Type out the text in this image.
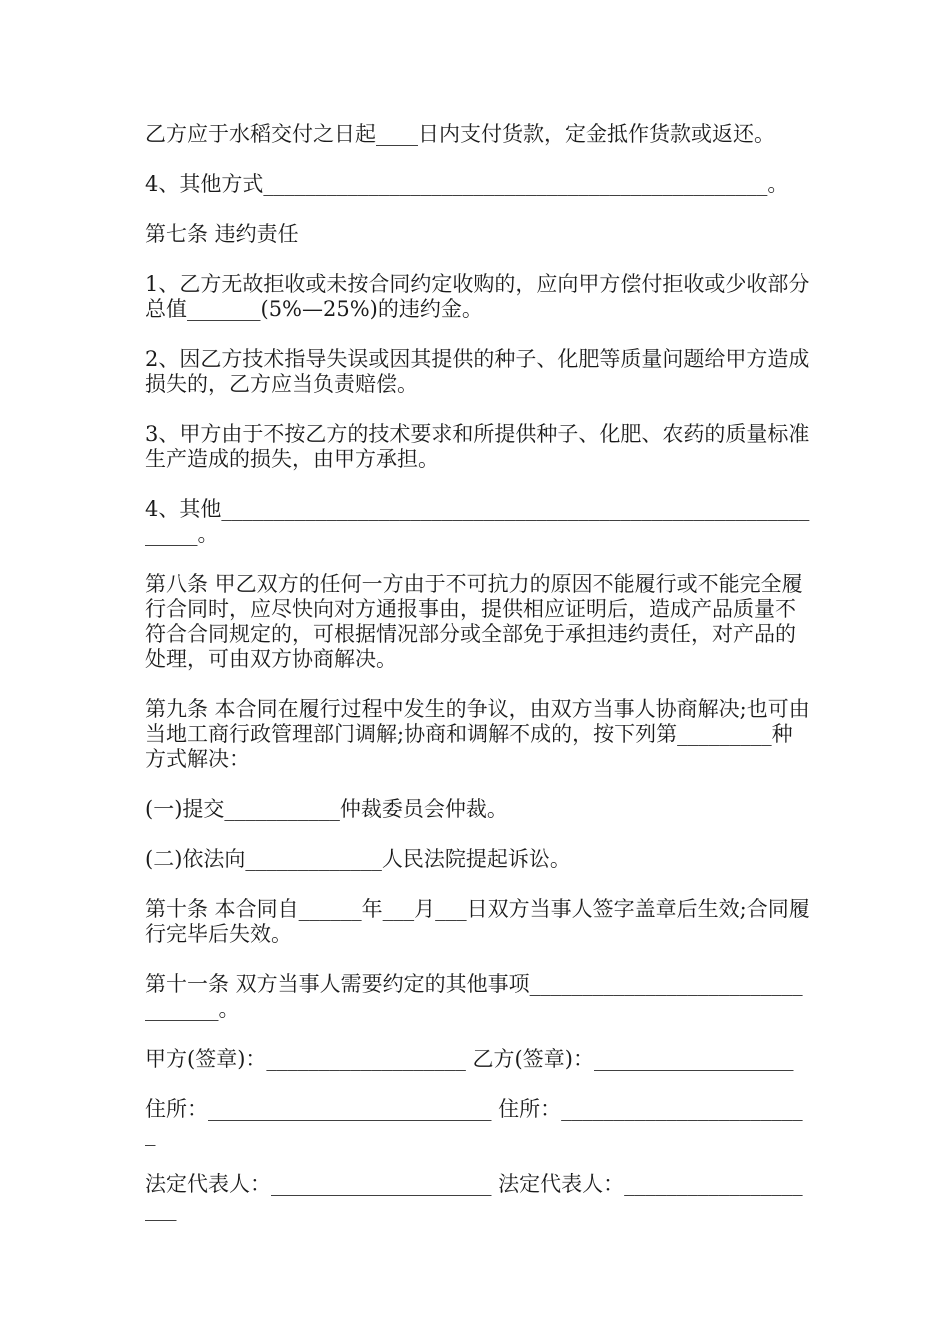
乙方应于水稻交付之日起____日内支付货款，定金抵作货款或返还。

4、其他方式________________________________________________。

第七条 违约责任

1、乙方无故拒收或未按合同约定收购的，应向甲方偿付拒收或少收部分总值_______(5%—25%)的违约金。

2、因乙方技术指导失误或因其提供的种子、化肥等质量问题给甲方造成损失的，乙方应当负责赔偿。

3、甲方由于不按乙方的技术要求和所提供种子、化肥、农药的质量标准生产造成的损失，由甲方承担。

4、其他_____________________________________________________________。

第八条 甲乙双方的任何一方由于不可抗力的原因不能履行或不能完全履行合同时，应尽快向对方通报事由，提供相应证明后，造成产品质量不符合合同规定的，可根据情况部分或全部免于承担违约责任，对产品的处理，可由双方协商解决。

第九条 本合同在履行过程中发生的争议，由双方当事人协商解决;也可由当地工商行政管理部门调解;协商和调解不成的，按下列第_________种方式解决：

(一)提交___________仲裁委员会仲裁。

(二)依法向_____________人民法院提起诉讼。

第十条 本合同自______年___月___日双方当事人签字盖章后生效;合同履行完毕后失效。

第十一条 双方当事人需要约定的其他事项_________________________________。

甲方(签章)：___________________ 乙方(签章)：___________________

住所：___________________________ 住所：________________________

法定代表人：_____________________ 法定代表人：____________________
